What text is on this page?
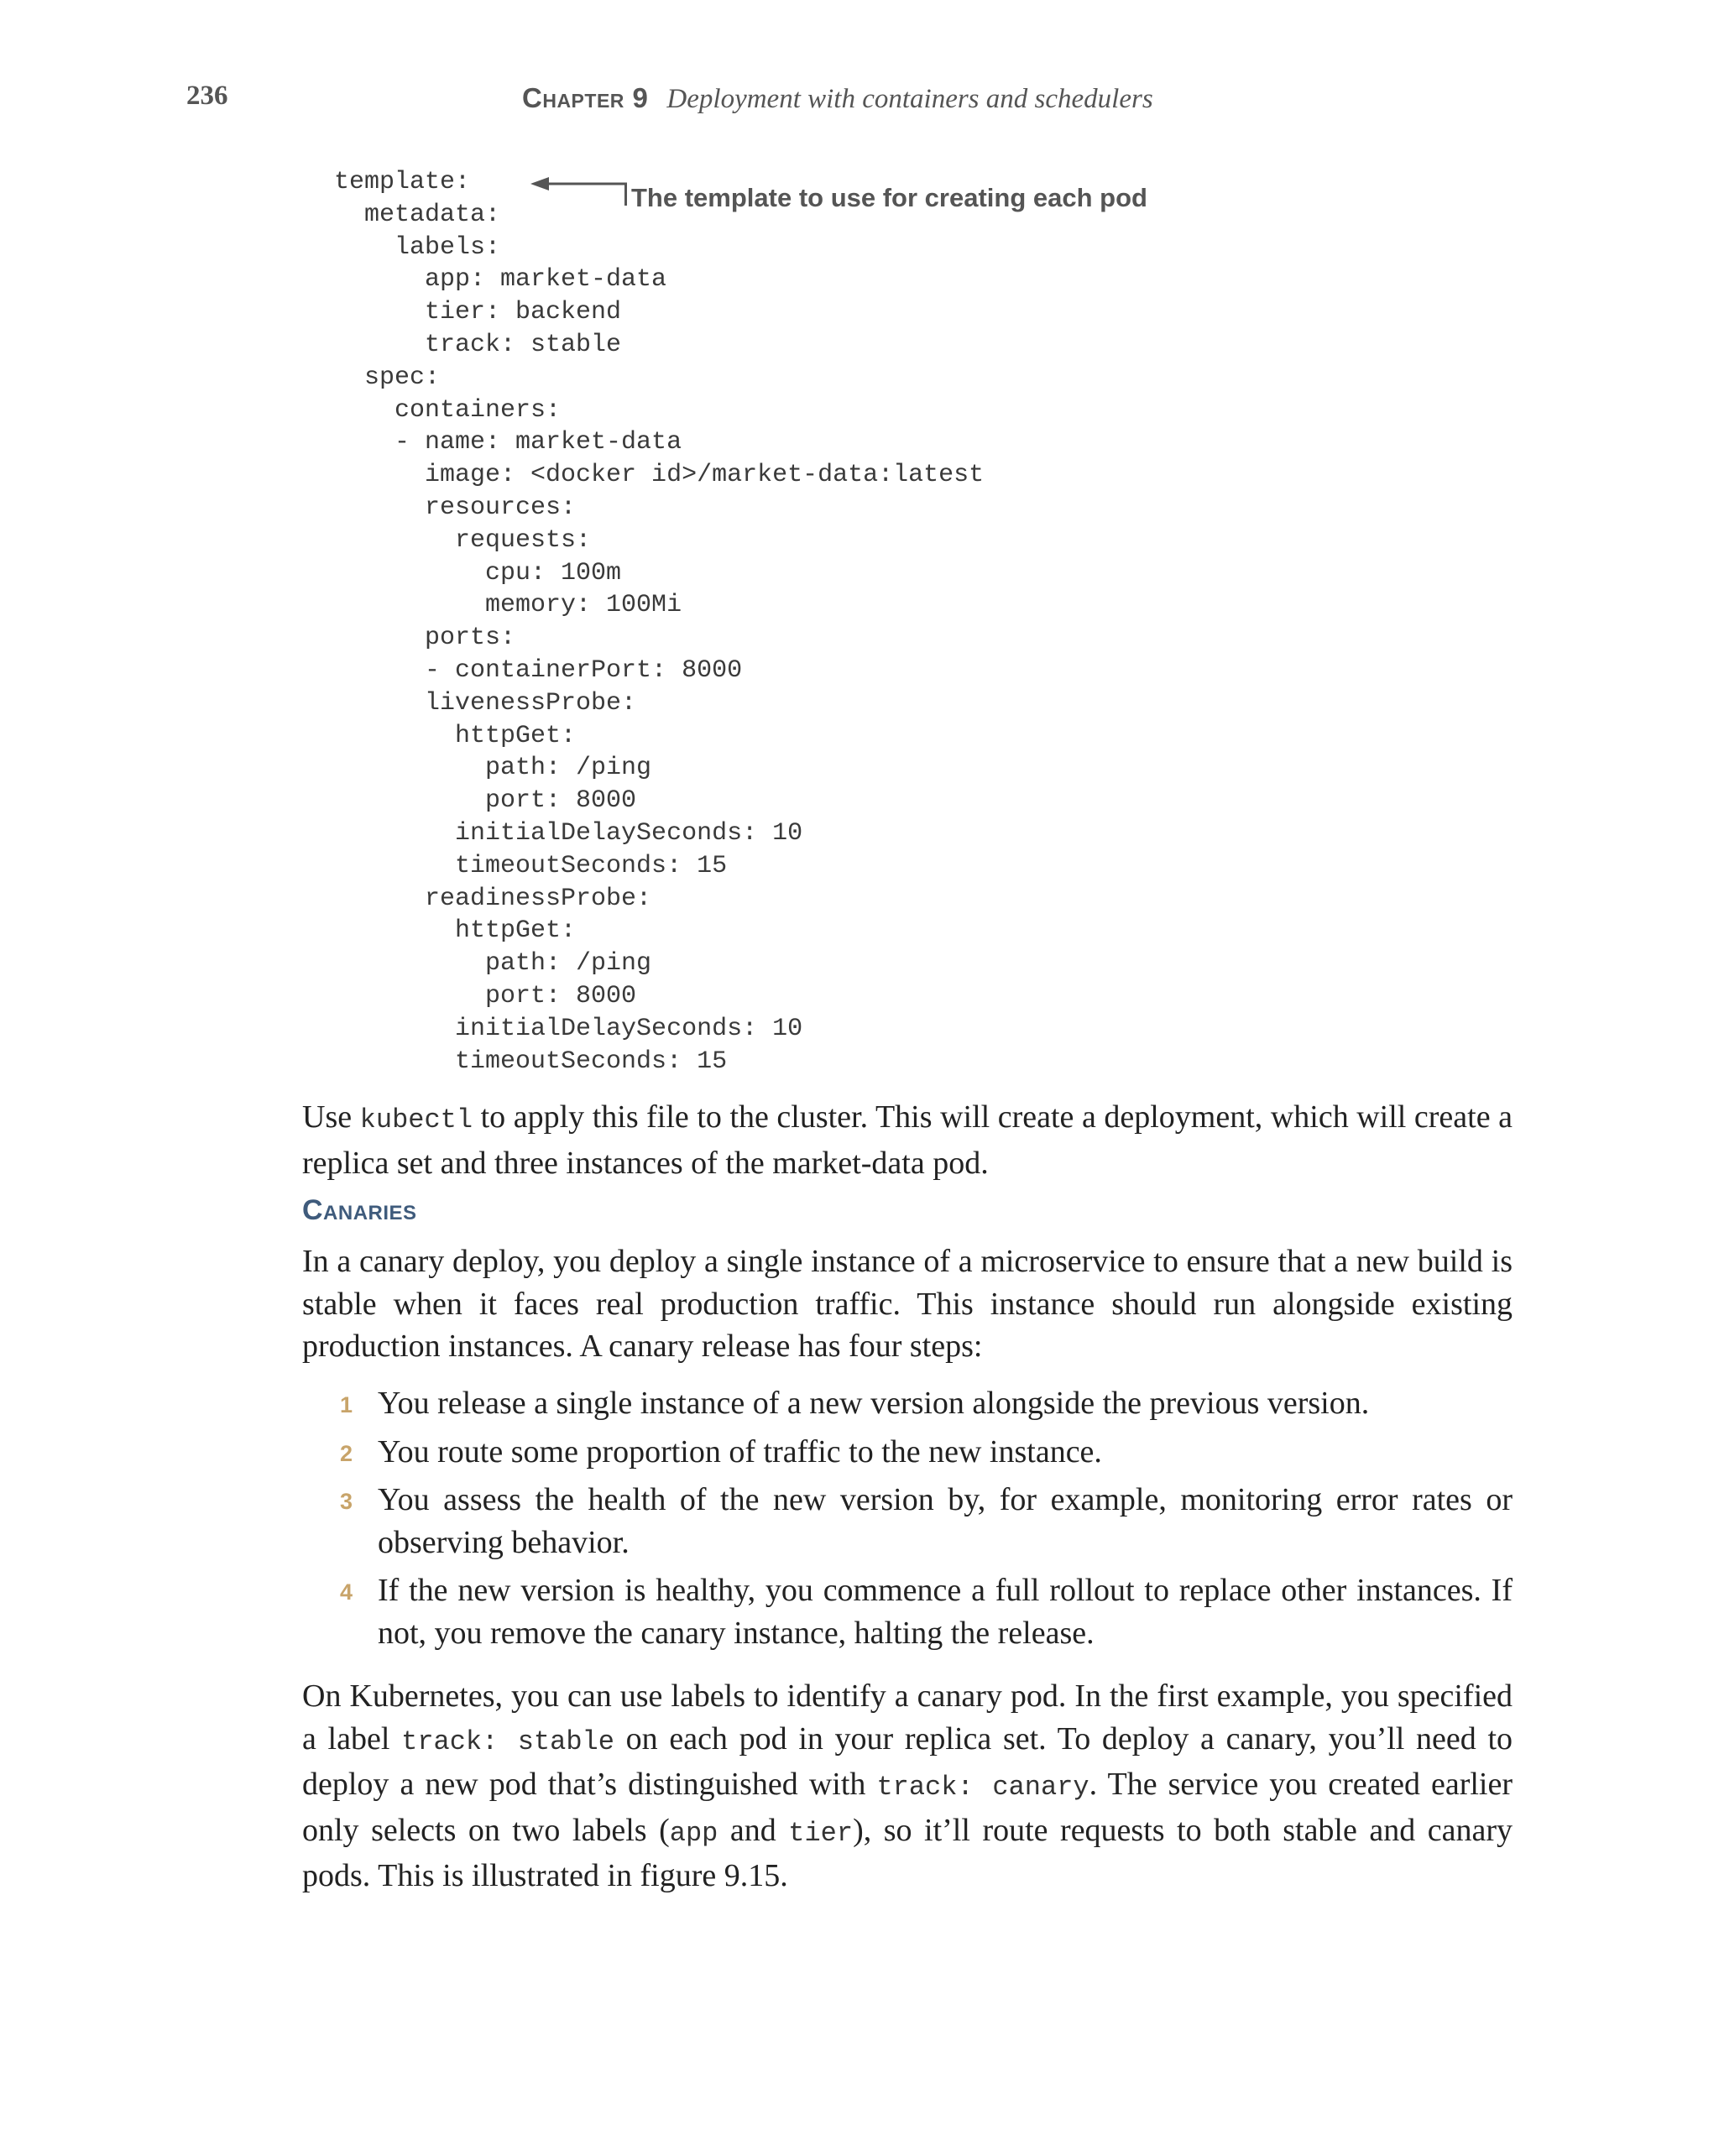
236	Chapter 9 Deployment with containers and schedulers
template:
metadata:
labels:
app: market-data
tier: backend
track: stable
spec:
containers:
- name: market-data
image: <docker id>/market-data:latest
resources:
requests:
cpu: 100m
memory: 100Mi
ports:
- containerPort: 8000
livenessProbe:
httpGet:
path: /ping
port: 8000
initialDelaySeconds: 10
timeoutSeconds: 15
readinessProbe:
httpGet:
path: /ping
port: 8000
initialDelaySeconds: 10
timeoutSeconds: 15
The template to use for creating each pod

Use kubectl to apply this file to the cluster. This will create a deployment, which will create a replica set and three instances of the market-data pod.

Canaries

In a canary deploy, you deploy a single instance of a microservice to ensure that a new build is stable when it faces real production traffic. This instance should run alongside existing production instances. A canary release has four steps:

1 You release a single instance of a new version alongside the previous version.
2 You route some proportion of traffic to the new instance.
3 You assess the health of the new version by, for example, monitoring error rates or observing behavior.
4 If the new version is healthy, you commence a full rollout to replace other instances. If not, you remove the canary instance, halting the release.

On Kubernetes, you can use labels to identify a canary pod. In the first example, you specified a label track: stable on each pod in your replica set. To deploy a canary, you’ll need to deploy a new pod that’s distinguished with track: canary. The service you created earlier only selects on two labels (app and tier), so it’ll route requests to both stable and canary pods. This is illustrated in figure 9.15.
